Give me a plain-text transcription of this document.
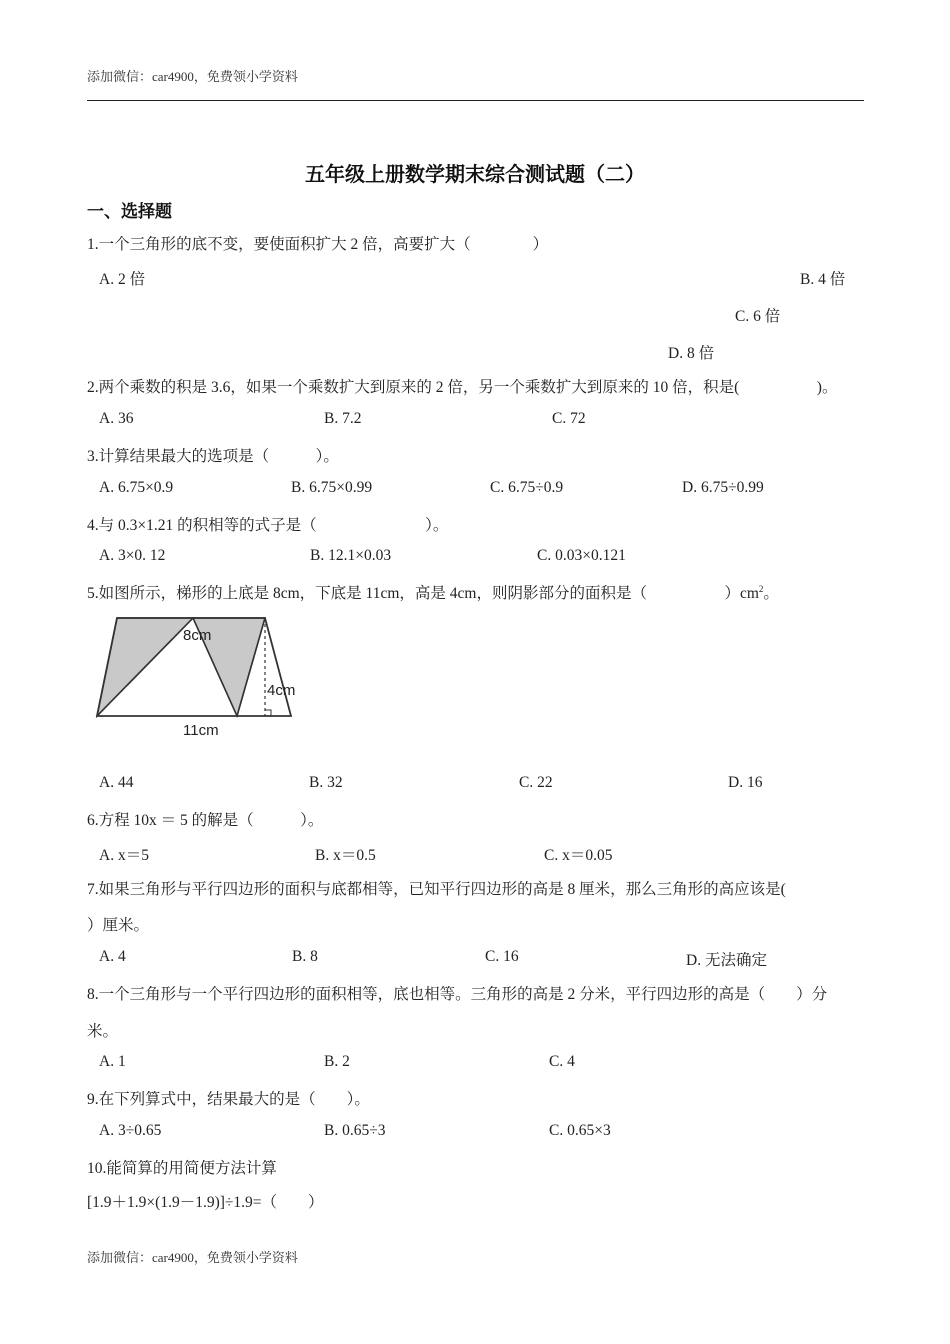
添加微信：car4900，免费领小学资料
五年级上册数学期末综合测试题（二）
一、选择题
1.一个三角形的底不变，要使面积扩大 2 倍，高要扩大（　　　　）
A. 2 倍	B. 4 倍
C. 6 倍
D. 8 倍
2.两个乘数的积是 3.6，如果一个乘数扩大到原来的 2 倍，另一个乘数扩大到原来的 10 倍，积是(　　　　　)。
A. 36	B. 7.2	C. 72
3.计算结果最大的选项是（　　　）。
A. 6.75×0.9	B. 6.75×0.99	C. 6.75÷0.9	D. 6.75÷0.99
4.与 0.3×1.21 的积相等的式子是（　　　　　　　）。
A. 3×0. 12	B. 12.1×0.03	C. 0.03×0.121
5.如图所示，梯形的上底是 8cm，下底是 11cm，高是 4cm，则阴影部分的面积是（　　　　　）$cm^2$。
8cm
4cm
11cm
A. 44	B. 32	C. 22	D. 16
6.方程 10x ＝ 5 的解是（　　　）。
A. x＝5	B. x＝0.5	C. x＝0.05
7.如果三角形与平行四边形的面积与底都相等，已知平行四边形的高是 8 厘米，那么三角形的高应该是(
）厘米。
A. 4	B. 8	C. 16	D. 无法确定
8.一个三角形与一个平行四边形的面积相等，底也相等。三角形的高是 2 分米，平行四边形的高是（　　）分
米。
A. 1	B. 2	C. 4
9.在下列算式中，结果最大的是（　　）。
A. 3÷0.65	B. 0.65÷3	C. 0.65×3
10.能简算的用简便方法计算
[1.9＋1.9×(1.9－1.9)]÷1.9=（　　）
添加微信：car4900，免费领小学资料
